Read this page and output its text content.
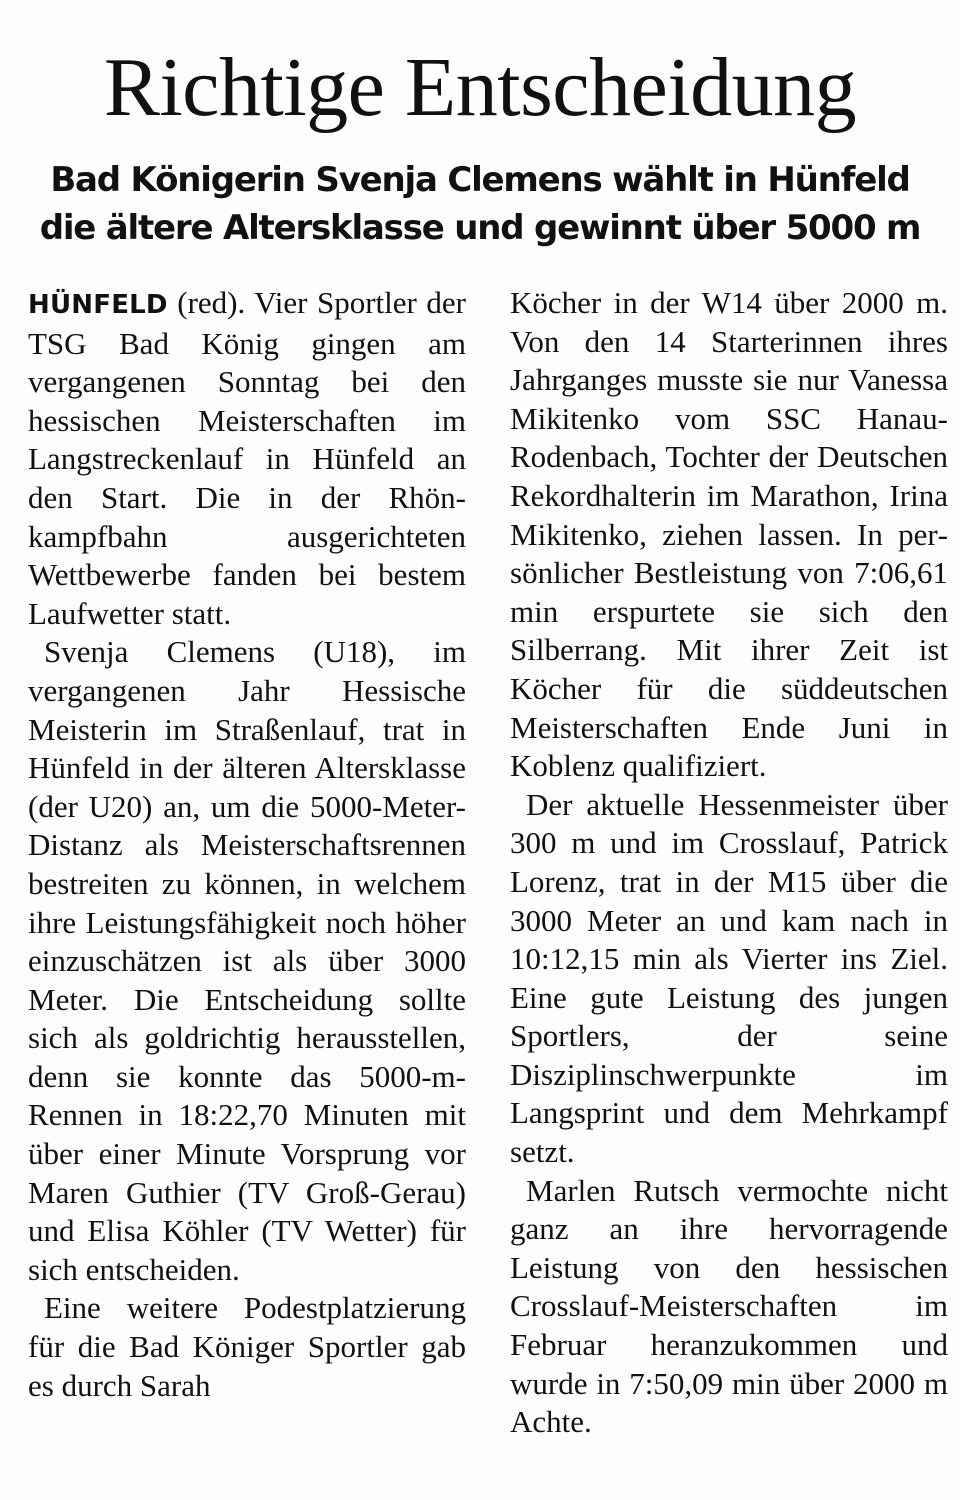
Richtige Entscheidung
Bad Königerin Svenja Clemens wählt in Hünfeld
die ältere Altersklasse und gewinnt über 5000 m

HÜNFELD (red). Vier Sportler der TSG Bad König gingen am vergangenen Sonntag bei den hessischen Meisterschaften im Langstreckenlauf in Hünfeld an den Start. Die in der Rhönkampfbahn ausgerichteten Wettbewerbe fanden bei bestem Laufwetter statt.

Svenja Clemens (U18), im vergangenen Jahr Hessische Meisterin im Straßenlauf, trat in Hünfeld in der älteren Altersklasse (der U20) an, um die 5000-Meter-Distanz als Meisterschaftsrennen bestreiten zu können, in welchem ihre Leistungsfähigkeit noch höher einzuschätzen ist als über 3000 Meter. Die Entscheidung sollte sich als goldrichtig herausstellen, denn sie konnte das 5000-m-Rennen in 18:22,70 Minuten mit über einer Minute Vorsprung vor Maren Guthier (TV Groß-Gerau) und Elisa Köhler (TV Wetter) für sich entscheiden.

Eine weitere Podestplatzierung für die Bad Königer Sportler gab es durch Sarah

Köcher in der W14 über 2000 m. Von den 14 Starterinnen ihres Jahrganges musste sie nur Vanessa Mikitenko vom SSC Hanau-Rodenbach, Tochter der Deutschen Rekordhalterin im Marathon, Irina Mikitenko, ziehen lassen. In persönlicher Bestleistung von 7:06,61 min erspurtete sie sich den Silberrang. Mit ihrer Zeit ist Köcher für die süddeutschen Meisterschaften Ende Juni in Koblenz qualifiziert.

Der aktuelle Hessenmeister über 300 m und im Crosslauf, Patrick Lorenz, trat in der M15 über die 3000 Meter an und kam nach in 10:12,15 min als Vierter ins Ziel. Eine gute Leistung des jungen Sportlers, der seine Disziplinschwerpunkte im Langsprint und dem Mehrkampf setzt.

Marlen Rutsch vermochte nicht ganz an ihre hervorragende Leistung von den hessischen Crosslauf-Meisterschaften im Februar heranzukommen und wurde in 7:50,09 min über 2000 m Achte.
